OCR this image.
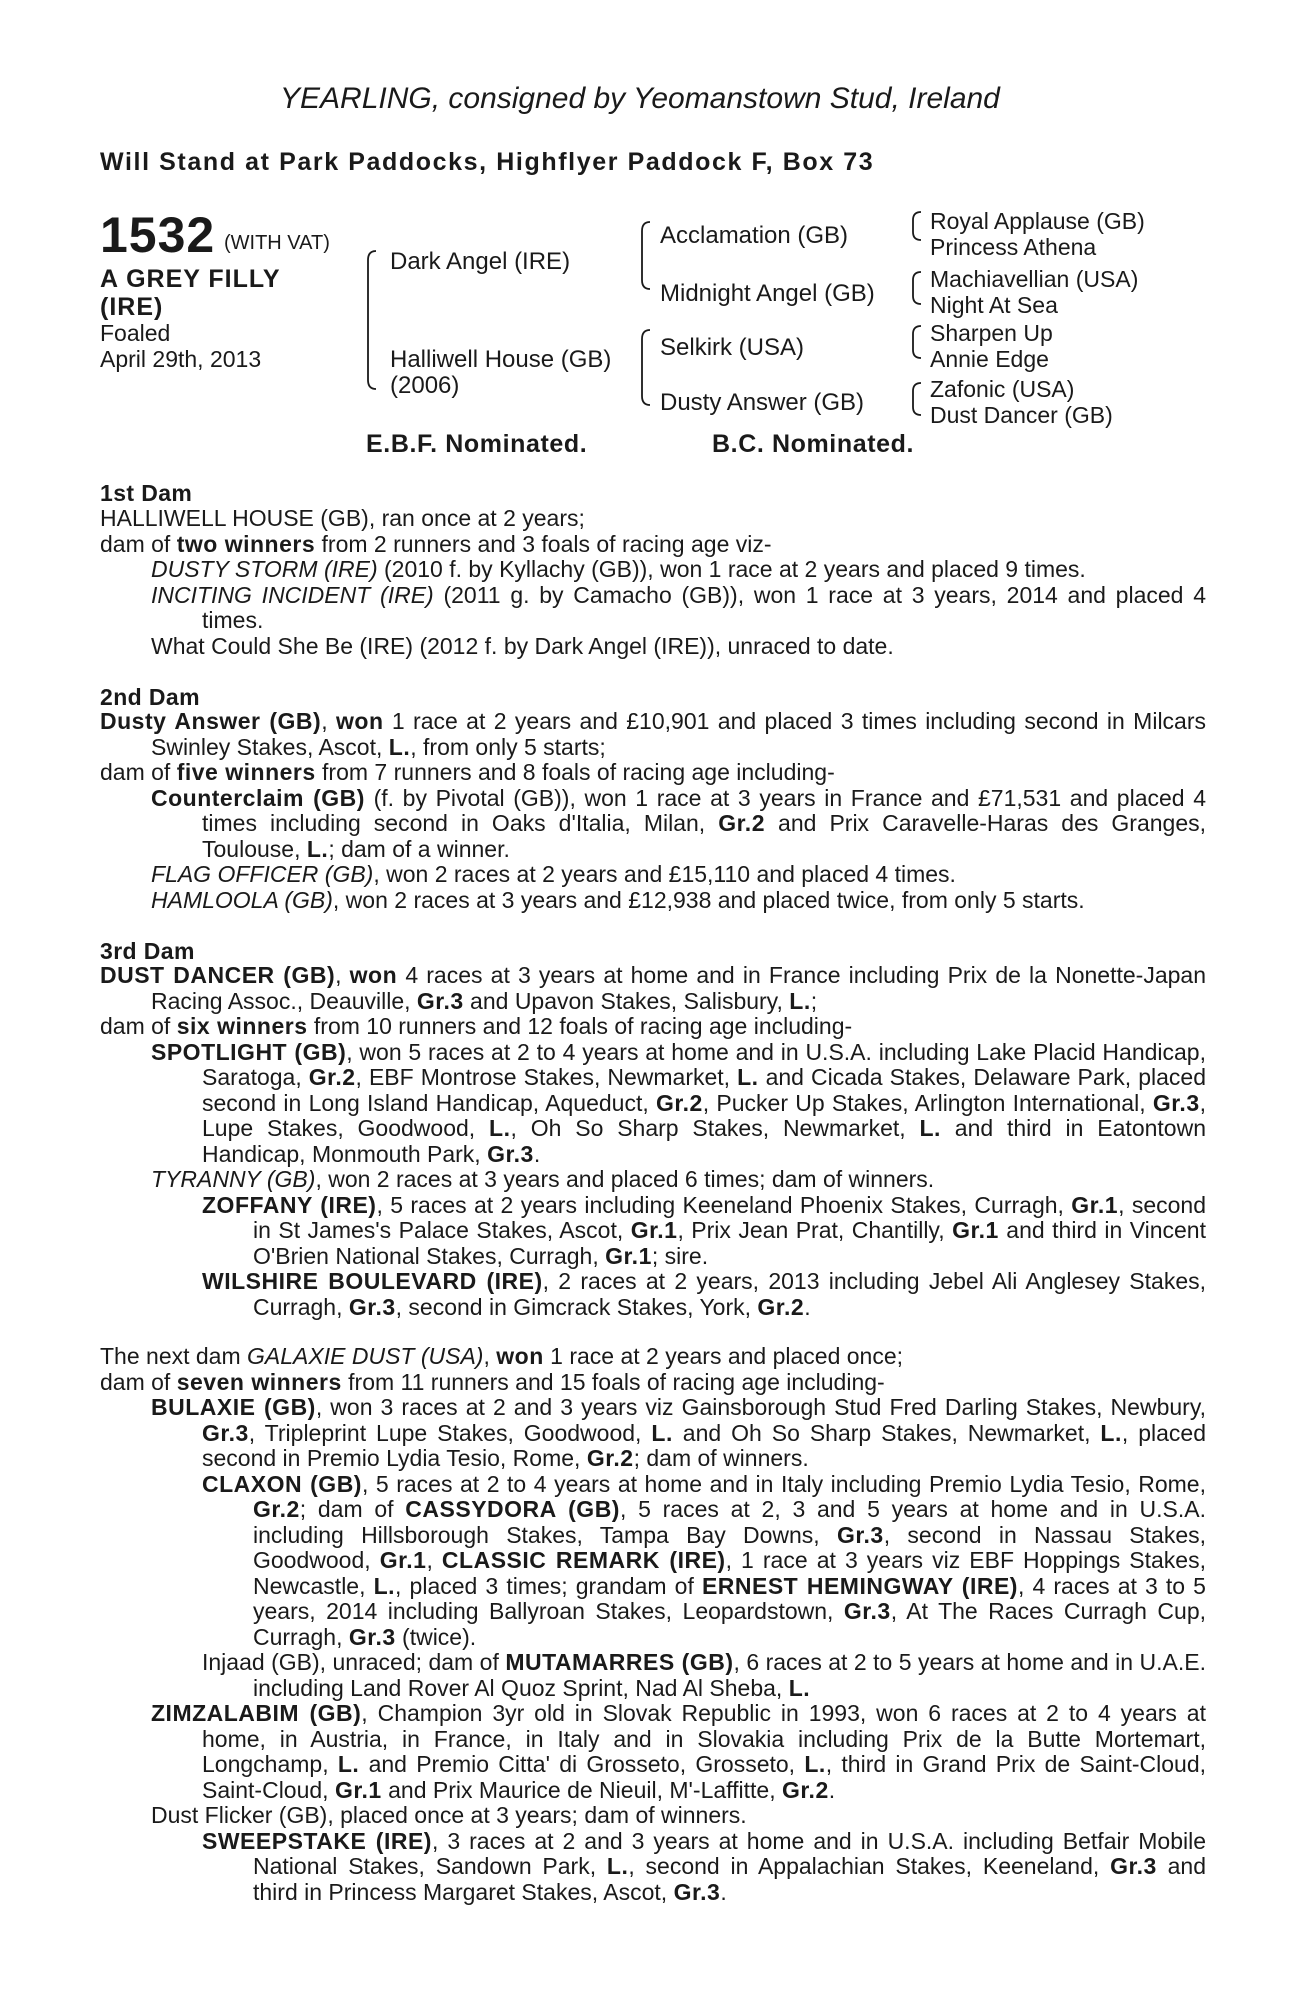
YEARLING, consigned by Yeomanstown Stud, Ireland
Will Stand at Park Paddocks, Highflyer Paddock F, Box 73
1532 (WITH VAT)
A GREY FILLY
(IRE)
Foaled
April 29th, 2013
Dark Angel (IRE)
Halliwell House (GB)
(2006)
Acclamation (GB)
Midnight Angel (GB)
Selkirk (USA)
Dusty Answer (GB)
Royal Applause (GB)
Princess Athena
Machiavellian (USA)
Night At Sea
Sharpen Up
Annie Edge
Zafonic (USA)
Dust Dancer (GB)
E.B.F. Nominated.	B.C. Nominated.
1st Dam

HALLIWELL HOUSE (GB), ran once at 2 years;

dam of two winners from 2 runners and 3 foals of racing age viz-

DUSTY STORM (IRE) (2010 f. by Kyllachy (GB)), won 1 race at 2 years and placed 9 times.

INCITING INCIDENT (IRE) (2011 g. by Camacho (GB)), won 1 race at 3 years, 2014 and placed 4 times.

What Could She Be (IRE) (2012 f. by Dark Angel (IRE)), unraced to date.

2nd Dam

Dusty Answer (GB), won 1 race at 2 years and £10,901 and placed 3 times including second in Milcars Swinley Stakes, Ascot, L., from only 5 starts;

dam of five winners from 7 runners and 8 foals of racing age including-

Counterclaim (GB) (f. by Pivotal (GB)), won 1 race at 3 years in France and £71,531 and placed 4 times including second in Oaks d'Italia, Milan, Gr.2 and Prix Caravelle-Haras des Granges, Toulouse, L.; dam of a winner.

FLAG OFFICER (GB), won 2 races at 2 years and £15,110 and placed 4 times.

HAMLOOLA (GB), won 2 races at 3 years and £12,938 and placed twice, from only 5 starts.

3rd Dam

DUST DANCER (GB), won 4 races at 3 years at home and in France including Prix de la Nonette-Japan Racing Assoc., Deauville, Gr.3 and Upavon Stakes, Salisbury, L.;

dam of six winners from 10 runners and 12 foals of racing age including-

SPOTLIGHT (GB), won 5 races at 2 to 4 years at home and in U.S.A. including Lake Placid Handicap, Saratoga, Gr.2, EBF Montrose Stakes, Newmarket, L. and Cicada Stakes, Delaware Park, placed second in Long Island Handicap, Aqueduct, Gr.2, Pucker Up Stakes, Arlington International, Gr.3, Lupe Stakes, Goodwood, L., Oh So Sharp Stakes, Newmarket, L. and third in Eatontown Handicap, Monmouth Park, Gr.3.

TYRANNY (GB), won 2 races at 3 years and placed 6 times; dam of winners.

ZOFFANY (IRE), 5 races at 2 years including Keeneland Phoenix Stakes, Curragh, Gr.1, second in St James's Palace Stakes, Ascot, Gr.1, Prix Jean Prat, Chantilly, Gr.1 and third in Vincent O'Brien National Stakes, Curragh, Gr.1; sire.

WILSHIRE BOULEVARD (IRE), 2 races at 2 years, 2013 including Jebel Ali Anglesey Stakes, Curragh, Gr.3, second in Gimcrack Stakes, York, Gr.2.

The next dam GALAXIE DUST (USA), won 1 race at 2 years and placed once;

dam of seven winners from 11 runners and 15 foals of racing age including-

BULAXIE (GB), won 3 races at 2 and 3 years viz Gainsborough Stud Fred Darling Stakes, Newbury, Gr.3, Tripleprint Lupe Stakes, Goodwood, L. and Oh So Sharp Stakes, Newmarket, L., placed second in Premio Lydia Tesio, Rome, Gr.2; dam of winners.

CLAXON (GB), 5 races at 2 to 4 years at home and in Italy including Premio Lydia Tesio, Rome, Gr.2; dam of CASSYDORA (GB), 5 races at 2, 3 and 5 years at home and in U.S.A. including Hillsborough Stakes, Tampa Bay Downs, Gr.3, second in Nassau Stakes, Goodwood, Gr.1, CLASSIC REMARK (IRE), 1 race at 3 years viz EBF Hoppings Stakes, Newcastle, L., placed 3 times; grandam of ERNEST HEMINGWAY (IRE), 4 races at 3 to 5 years, 2014 including Ballyroan Stakes, Leopardstown, Gr.3, At The Races Curragh Cup, Curragh, Gr.3 (twice).

Injaad (GB), unraced; dam of MUTAMARRES (GB), 6 races at 2 to 5 years at home and in U.A.E. including Land Rover Al Quoz Sprint, Nad Al Sheba, L.

ZIMZALABIM (GB), Champion 3yr old in Slovak Republic in 1993, won 6 races at 2 to 4 years at home, in Austria, in France, in Italy and in Slovakia including Prix de la Butte Mortemart, Longchamp, L. and Premio Citta' di Grosseto, Grosseto, L., third in Grand Prix de Saint-Cloud, Saint-Cloud, Gr.1 and Prix Maurice de Nieuil, M'-Laffitte, Gr.2.

Dust Flicker (GB), placed once at 3 years; dam of winners.

SWEEPSTAKE (IRE), 3 races at 2 and 3 years at home and in U.S.A. including Betfair Mobile National Stakes, Sandown Park, L., second in Appalachian Stakes, Keeneland, Gr.3 and third in Princess Margaret Stakes, Ascot, Gr.3.
